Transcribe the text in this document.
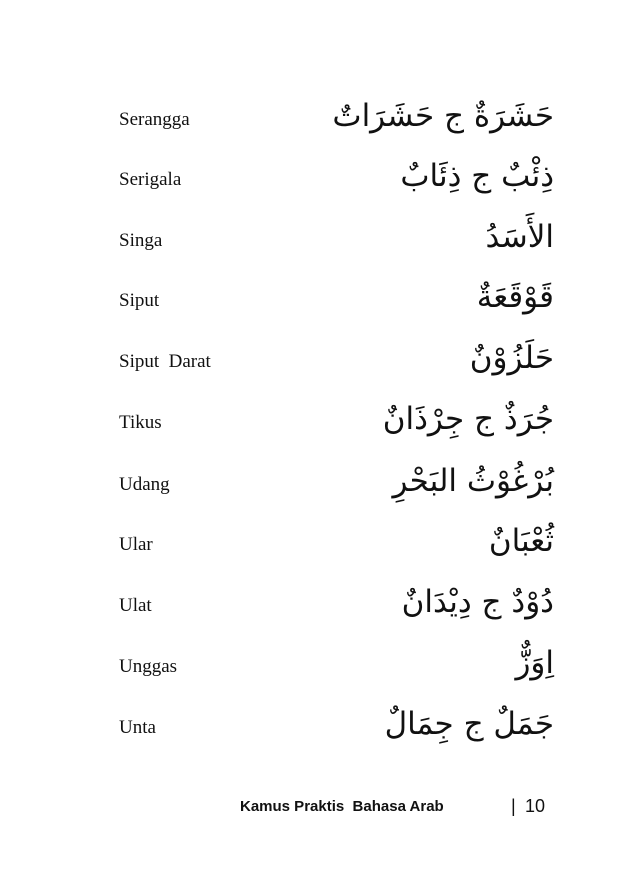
Serangga	حَشَرَةٌ ج حَشَرَاتٌ
Serigala	ذِئْبٌ ج ذِئَابٌ
Singa	الأَسَدُ
Siput	قَوْقَعَةٌ
Siput  Darat	حَلَزُوْنٌ
Tikus	جُرَذٌ ج جِرْذَانٌ
Udang	بُرْغُوْثُ البَحْرِ
Ular	ثُعْبَانٌ
Ulat	دُوْدٌ ج دِيْدَانٌ
Unggas	اِوَزٌّ
Unta	جَمَلٌ ج جِمَالٌ
Kamus Praktis  Bahasa Arab	| 10
